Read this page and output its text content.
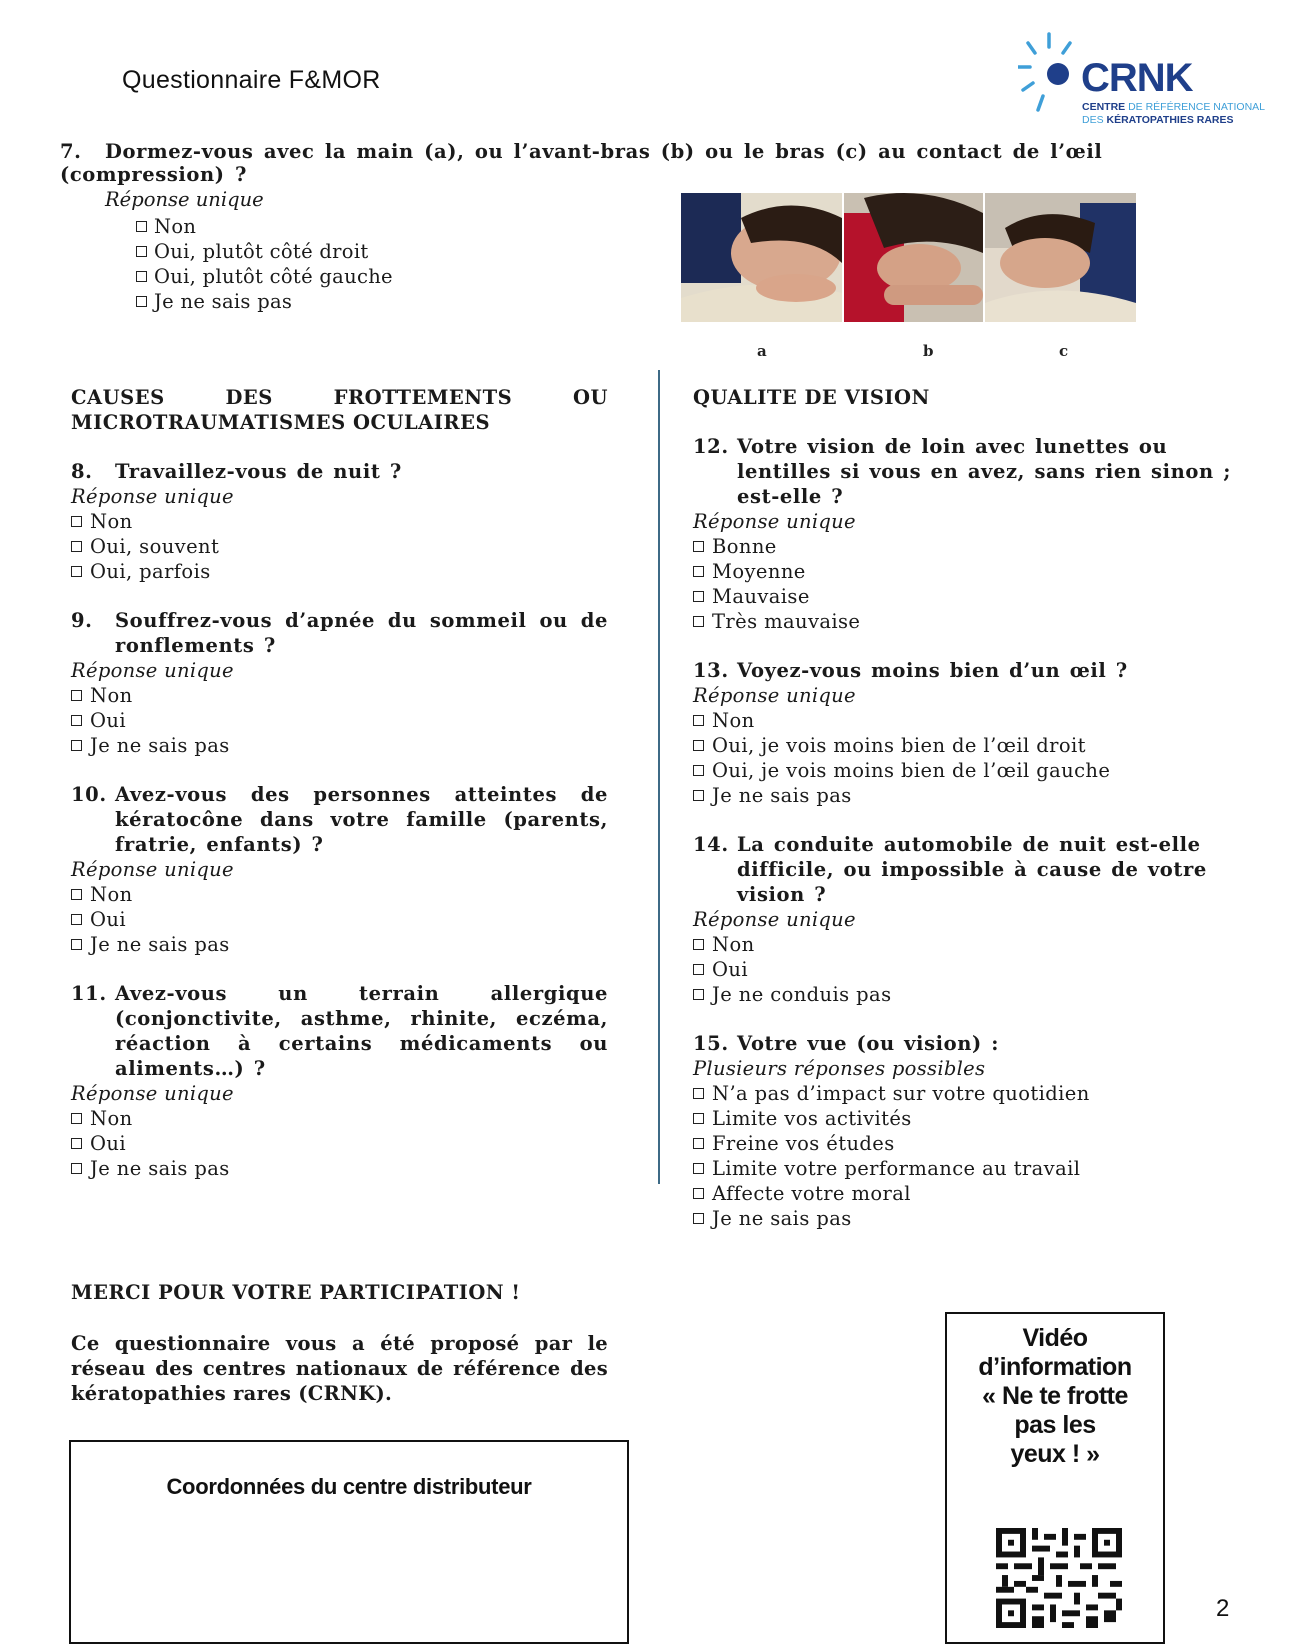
Questionnaire F&MOR	CRNK
CENTRE DE RÉFÉRENCE NATIONAL
DES KÉRATOPATHIES RARES
7. Dormez-vous avec la main (a), ou l’avant-bras (b) ou le bras (c) au contact de l’œil (compression) ?
Réponse unique
Non
Oui, plutôt côté droit
Oui, plutôt côté gauche
Je ne sais pas
a	b	c
CAUSES DES FROTTEMENTS OU MICROTRAUMATISMES OCULAIRES
8. Travaillez-vous de nuit ?
Réponse unique
Non
Oui, souvent
Oui, parfois
9. Souffrez-vous d’apnée du sommeil ou de ronflements ?
Réponse unique
Non
Oui
Je ne sais pas
10. Avez-vous des personnes atteintes de kératocône dans votre famille (parents, fratrie, enfants) ?
Réponse unique
Non
Oui
Je ne sais pas
11. Avez-vous un terrain allergique (conjonctivite, asthme, rhinite, eczéma, réaction à certains médicaments ou aliments…) ?
Réponse unique
Non
Oui
Je ne sais pas
QUALITE DE VISION
12. Votre vision de loin avec lunettes ou lentilles si vous en avez, sans rien sinon ; est-elle ?
Réponse unique
Bonne
Moyenne
Mauvaise
Très mauvaise
13. Voyez-vous moins bien d’un œil ?
Réponse unique
Non
Oui, je vois moins bien de l’œil droit
Oui, je vois moins bien de l’œil gauche
Je ne sais pas
14. La conduite automobile de nuit est-elle difficile, ou impossible à cause de votre vision ?
Réponse unique
Non
Oui
Je ne conduis pas
15. Votre vue (ou vision) :
Plusieurs réponses possibles
N’a pas d’impact sur votre quotidien
Limite vos activités
Freine vos études
Limite votre performance au travail
Affecte votre moral
Je ne sais pas
MERCI POUR VOTRE PARTICIPATION !
Ce questionnaire vous a été proposé par le réseau des centres nationaux de référence des kératopathies rares (CRNK).
Coordonnées du centre distributeur
Vidéo
d’information
« Ne te frotte
pas les
yeux ! »
2
